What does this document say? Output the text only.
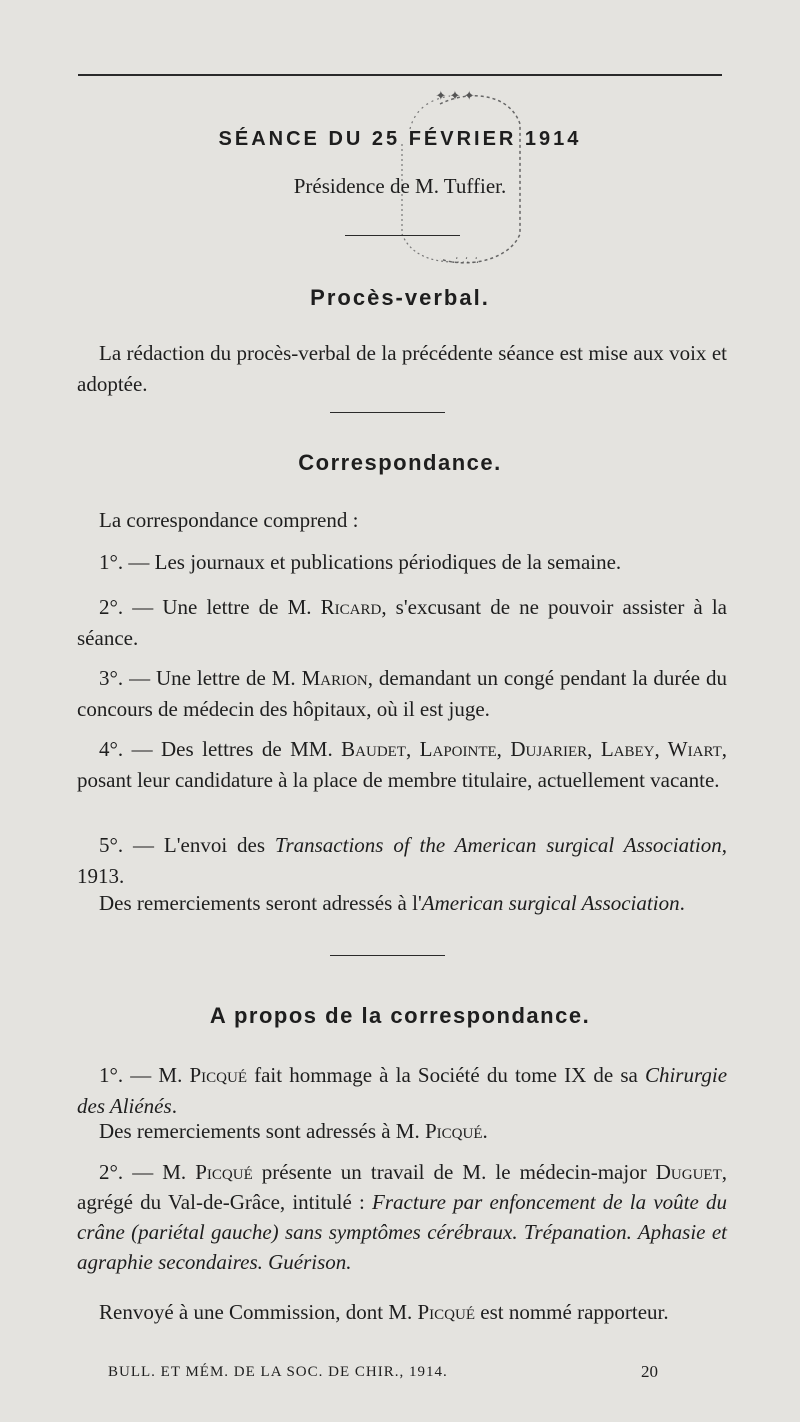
✦ ✦ ✦
∴ ∴ ∴
SÉANCE DU 25 FÉVRIER 1914
Présidence de M. Tuffier.
Procès-verbal.
La rédaction du procès-verbal de la précédente séance est mise aux voix et adoptée.
Correspondance.
La correspondance comprend :
1°. — Les journaux et publications périodiques de la semaine.
2°. — Une lettre de M. Ricard, s'excusant de ne pouvoir assister à la séance.
3°. — Une lettre de M. Marion, demandant un congé pendant la durée du concours de médecin des hôpitaux, où il est juge.
4°. — Des lettres de MM. Baudet, Lapointe, Dujarier, Labey, Wiart, posant leur candidature à la place de membre titulaire, actuellement vacante.
5°. — L'envoi des Transactions of the American surgical Association, 1913.
Des remerciements seront adressés à l'American surgical Association.
A propos de la correspondance.
1°. — M. Picqué fait hommage à la Société du tome IX de sa Chirurgie des Aliénés.
Des remerciements sont adressés à M. Picqué.
2°. — M. Picqué présente un travail de M. le médecin-major Duguet, agrégé du Val-de-Grâce, intitulé : Fracture par enfoncement de la voûte du crâne (pariétal gauche) sans symptômes cérébraux. Trépanation. Aphasie et agraphie secondaires. Guérison.
Renvoyé à une Commission, dont M. Picqué est nommé rapporteur.
BULL. ET MÉM. DE LA SOC. DE CHIR., 1914.	20
